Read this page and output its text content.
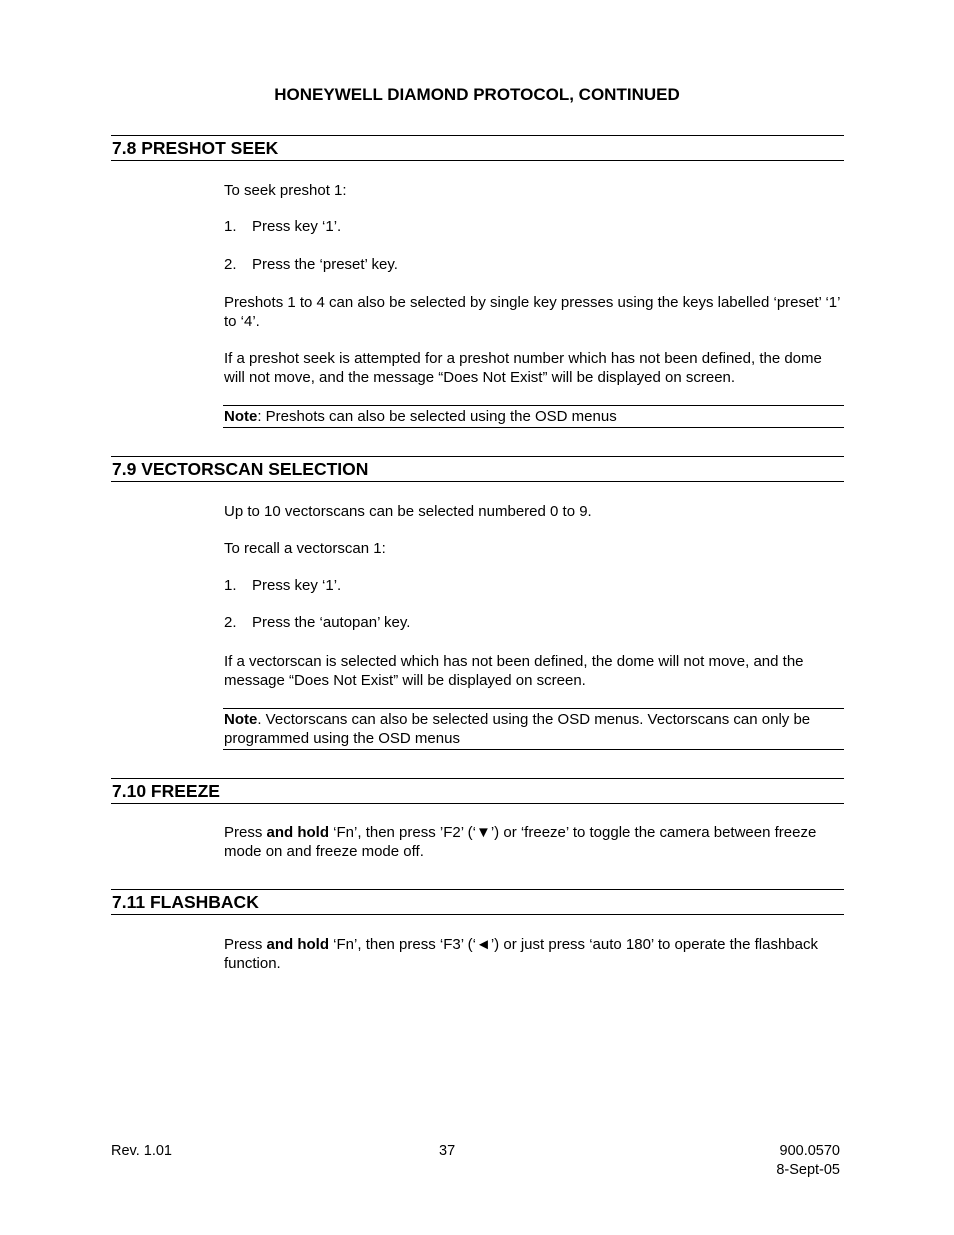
HONEYWELL DIAMOND PROTOCOL, CONTINUED
7.8 PRESHOT SEEK
To seek preshot 1:
1. Press key ‘1’.
2. Press the ‘preset’ key.
Preshots 1 to 4 can also be selected by single key presses using the keys labelled ‘preset’ ‘1’ to ‘4’.
If a preshot seek is attempted for a preshot number which has not been defined, the dome will not move, and the message “Does Not Exist” will be displayed on screen.
Note: Preshots can also be selected using the OSD menus
7.9 VECTORSCAN SELECTION
Up to 10 vectorscans can be selected numbered 0 to 9.
To recall a vectorscan 1:
1. Press key ‘1’.
2. Press the ‘autopan’ key.
If a vectorscan is selected which has not been defined, the dome will not move, and the message “Does Not Exist” will be displayed on screen.
Note. Vectorscans can also be selected using the OSD menus. Vectorscans can only be programmed using the OSD menus
7.10 FREEZE
Press and hold ‘Fn’, then press ’F2’ (‘▼’) or ‘freeze’ to toggle the camera between freeze mode on and freeze mode off.
7.11 FLASHBACK
Press and hold ‘Fn’, then press ‘F3’ (‘◄’) or just press ‘auto 180’ to operate the flashback function.
Rev. 1.01	37	900.0570
8-Sept-05
